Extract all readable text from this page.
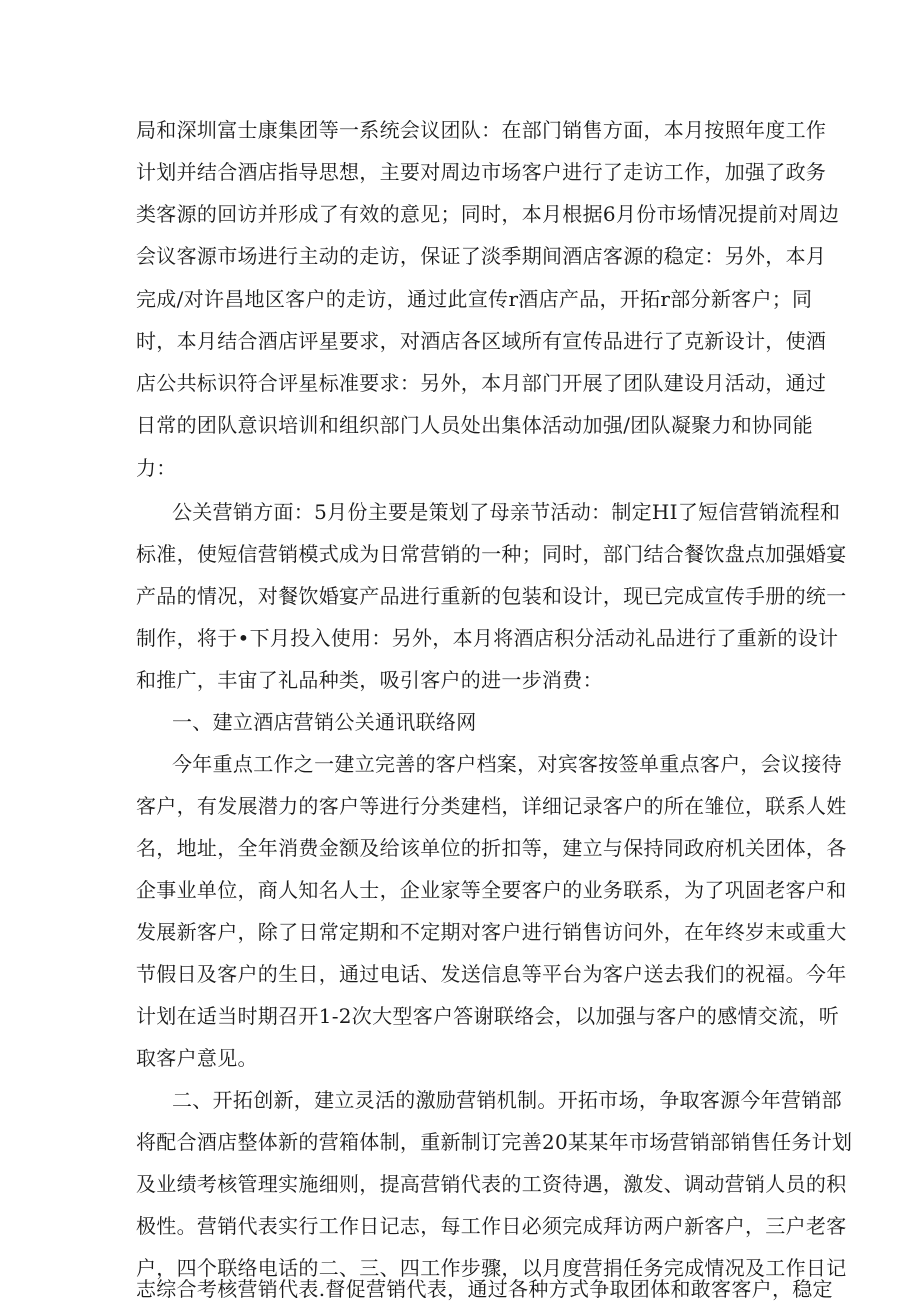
局和深圳富士康集团等一系统会议团队：在部门销售方面，本月按照年度工作
计划并结合酒店指导思想，主要对周边市场客户进行了走访工作，加强了政务
类客源的回访并形成了有效的意见；同时，本月根据6月份市场情况提前对周边
会议客源市场进行主动的走访，保证了淡季期间酒店客源的稳定：另外，本月
完成/对许昌地区客户的走访，通过此宣传r酒店产品，开拓r部分新客户；同
时，本月结合酒店评星要求，对酒店各区域所有宣传品进行了克新设计，使酒
店公共标识符合评星标准要求：另外，本月部门开展了团队建设月活动，通过
日常的团队意识培训和组织部门人员处出集体活动加强/团队凝聚力和协同能
力：
公关营销方面：5月份主要是策划了母亲节活动：制定HI了短信营销流程和
标准，使短信营销模式成为日常营销的一种；同时，部门结合餐饮盘点加强婚宴
产品的情况，对餐饮婚宴产品进行重新的包装和设计，现已完成宣传手册的统一
制作，将于•下月投入使用：另外，本月将酒店积分活动礼品进行了重新的设计
和推广，丰宙了礼品种类，吸引客户的进一步消费：
一、建立酒店营销公关通讯联络网
今年重点工作之一建立完善的客户档案，对宾客按签单重点客户，会议接待
客户，有发展潜力的客户等进行分类建档，详细记录客户的所在雏位，联系人姓
名，地址，全年消费金额及给该单位的折扣等，建立与保持同政府机关团体，各
企事业单位，商人知名人士，企业家等全要客户的业务联系，为了巩固老客户和
发展新客户，除了日常定期和不定期对客户进行销售访问外，在年终岁末或重大
节假日及客户的生日，通过电话、发送信息等平台为客户送去我们的祝福。今年
计划在适当时期召开1-2次大型客户答谢联络会，以加强与客户的感情交流，听
取客户意见。
二、开拓创新，建立灵活的激励营销机制。开拓市场，争取客源今年营销部
将配合酒店整体新的营箱体制，重新制订完善20某某年市场营销部销售任务计划
及业绩考核管理实施细则，提高营销代表的工资待遇，激发、调动营销人员的积
极性。营销代表实行工作日记志，每工作日必须完成拜访两户新客户，三户老客
户，四个联络电话的二、三、四工作步骤，以月度营捐任务完成情况及工作日记
志综合考核营销代表.督促营销代表，通过各种方式争取团体和敢客客户，稳定
